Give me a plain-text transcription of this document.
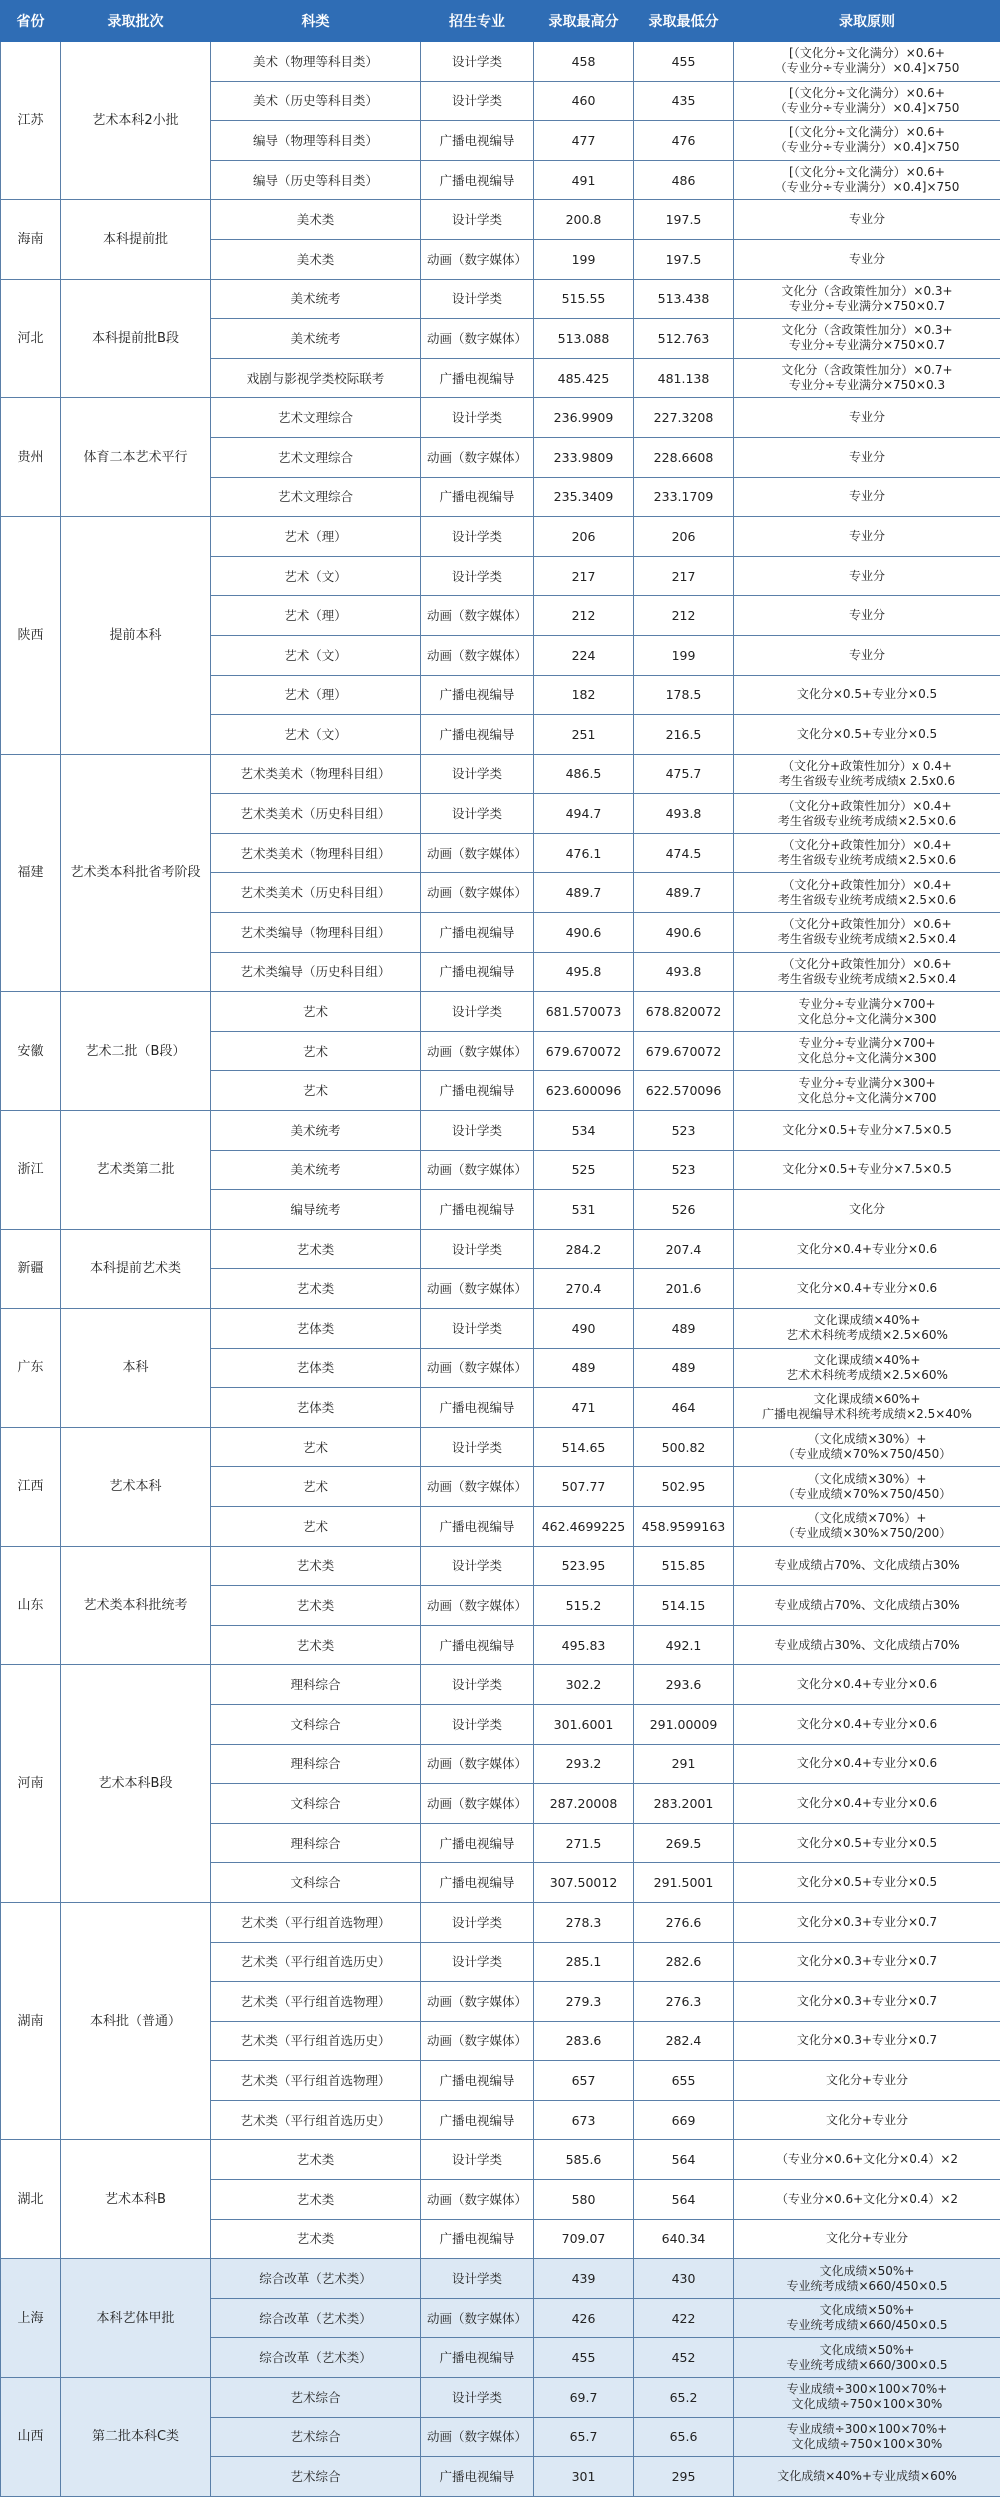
省份	录取批次	科类	招生专业	录取最高分	录取最低分	录取原则
江苏	艺术本科2小批	美术（物理等科目类）	设计学类	458	455	[（文化分÷文化满分）×0.6+
（专业分÷专业满分）×0.4]×750
		美术（历史等科目类）	设计学类	460	435	[（文化分÷文化满分）×0.6+
（专业分÷专业满分）×0.4]×750
		编导（物理等科目类）	广播电视编导	477	476	[（文化分÷文化满分）×0.6+
（专业分÷专业满分）×0.4]×750
		编导（历史等科目类）	广播电视编导	491	486	[（文化分÷文化满分）×0.6+
（专业分÷专业满分）×0.4]×750
海南	本科提前批	美术类	设计学类	200.8	197.5	专业分
		美术类	动画（数字媒体）	199	197.5	专业分
河北	本科提前批B段	美术统考	设计学类	515.55	513.438	文化分（含政策性加分）×0.3+
专业分÷专业满分×750×0.7
		美术统考	动画（数字媒体）	513.088	512.763	文化分（含政策性加分）×0.3+
专业分÷专业满分×750×0.7
		戏剧与影视学类校际联考	广播电视编导	485.425	481.138	文化分（含政策性加分）×0.7+
专业分÷专业满分×750×0.3
贵州	体育二本艺术平行	艺术文理综合	设计学类	236.9909	227.3208	专业分
		艺术文理综合	动画（数字媒体）	233.9809	228.6608	专业分
		艺术文理综合	广播电视编导	235.3409	233.1709	专业分
陕西	提前本科	艺术（理）	设计学类	206	206	专业分
		艺术（文）	设计学类	217	217	专业分
		艺术（理）	动画（数字媒体）	212	212	专业分
		艺术（文）	动画（数字媒体）	224	199	专业分
		艺术（理）	广播电视编导	182	178.5	文化分×0.5+专业分×0.5
		艺术（文）	广播电视编导	251	216.5	文化分×0.5+专业分×0.5
福建	艺术类本科批省考阶段	艺术类美术（物理科目组）	设计学类	486.5	475.7	（文化分+政策性加分）x 0.4+
考生省级专业统考成绩x 2.5x0.6
		艺术类美术（历史科目组）	设计学类	494.7	493.8	（文化分+政策性加分）×0.4+
考生省级专业统考成绩×2.5×0.6
		艺术类美术（物理科目组）	动画（数字媒体）	476.1	474.5	（文化分+政策性加分）×0.4+
考生省级专业统考成绩×2.5×0.6
		艺术类美术（历史科目组）	动画（数字媒体）	489.7	489.7	（文化分+政策性加分）×0.4+
考生省级专业统考成绩×2.5×0.6
		艺术类编导（物理科目组）	广播电视编导	490.6	490.6	（文化分+政策性加分）×0.6+
考生省级专业统考成绩×2.5×0.4
		艺术类编导（历史科目组）	广播电视编导	495.8	493.8	（文化分+政策性加分）×0.6+
考生省级专业统考成绩×2.5×0.4
安徽	艺术二批（B段）	艺术	设计学类	681.570073	678.820072	专业分÷专业满分×700+
文化总分÷文化满分×300
		艺术	动画（数字媒体）	679.670072	679.670072	专业分÷专业满分×700+
文化总分÷文化满分×300
		艺术	广播电视编导	623.600096	622.570096	专业分÷专业满分×300+
文化总分÷文化满分×700
浙江	艺术类第二批	美术统考	设计学类	534	523	文化分×0.5+专业分×7.5×0.5
		美术统考	动画（数字媒体）	525	523	文化分×0.5+专业分×7.5×0.5
		编导统考	广播电视编导	531	526	文化分
新疆	本科提前艺术类	艺术类	设计学类	284.2	207.4	文化分×0.4+专业分×0.6
		艺术类	动画（数字媒体）	270.4	201.6	文化分×0.4+专业分×0.6
广东	本科	艺体类	设计学类	490	489	文化课成绩×40%+
艺术术科统考成绩×2.5×60%
		艺体类	动画（数字媒体）	489	489	文化课成绩×40%+
艺术术科统考成绩×2.5×60%
		艺体类	广播电视编导	471	464	文化课成绩×60%+
广播电视编导术科统考成绩×2.5×40%
江西	艺术本科	艺术	设计学类	514.65	500.82	（文化成绩×30%）+
（专业成绩×70%×750/450）
		艺术	动画（数字媒体）	507.77	502.95	（文化成绩×30%）+
（专业成绩×70%×750/450）
		艺术	广播电视编导	462.4699225	458.9599163	（文化成绩×70%）+
（专业成绩×30%×750/200）
山东	艺术类本科批统考	艺术类	设计学类	523.95	515.85	专业成绩占70%、文化成绩占30%
		艺术类	动画（数字媒体）	515.2	514.15	专业成绩占70%、文化成绩占30%
		艺术类	广播电视编导	495.83	492.1	专业成绩占30%、文化成绩占70%
河南	艺术本科B段	理科综合	设计学类	302.2	293.6	文化分×0.4+专业分×0.6
		文科综合	设计学类	301.6001	291.00009	文化分×0.4+专业分×0.6
		理科综合	动画（数字媒体）	293.2	291	文化分×0.4+专业分×0.6
		文科综合	动画（数字媒体）	287.20008	283.2001	文化分×0.4+专业分×0.6
		理科综合	广播电视编导	271.5	269.5	文化分×0.5+专业分×0.5
		文科综合	广播电视编导	307.50012	291.5001	文化分×0.5+专业分×0.5
湖南	本科批（普通）	艺术类（平行组首选物理）	设计学类	278.3	276.6	文化分×0.3+专业分×0.7
		艺术类（平行组首选历史）	设计学类	285.1	282.6	文化分×0.3+专业分×0.7
		艺术类（平行组首选物理）	动画（数字媒体）	279.3	276.3	文化分×0.3+专业分×0.7
		艺术类（平行组首选历史）	动画（数字媒体）	283.6	282.4	文化分×0.3+专业分×0.7
		艺术类（平行组首选物理）	广播电视编导	657	655	文化分+专业分
		艺术类（平行组首选历史）	广播电视编导	673	669	文化分+专业分
湖北	艺术本科B	艺术类	设计学类	585.6	564	（专业分×0.6+文化分×0.4）×2
		艺术类	动画（数字媒体）	580	564	（专业分×0.6+文化分×0.4）×2
		艺术类	广播电视编导	709.07	640.34	文化分+专业分
上海	本科艺体甲批	综合改革（艺术类）	设计学类	439	430	文化成绩×50%+
专业统考成绩×660/450×0.5
		综合改革（艺术类）	动画（数字媒体）	426	422	文化成绩×50%+
专业统考成绩×660/450×0.5
		综合改革（艺术类）	广播电视编导	455	452	文化成绩×50%+
专业统考成绩×660/300×0.5
山西	第二批本科C类	艺术综合	设计学类	69.7	65.2	专业成绩÷300×100×70%+
文化成绩÷750×100×30%
		艺术综合	动画（数字媒体）	65.7	65.6	专业成绩÷300×100×70%+
文化成绩÷750×100×30%
		艺术综合	广播电视编导	301	295	文化成绩×40%+专业成绩×60%
